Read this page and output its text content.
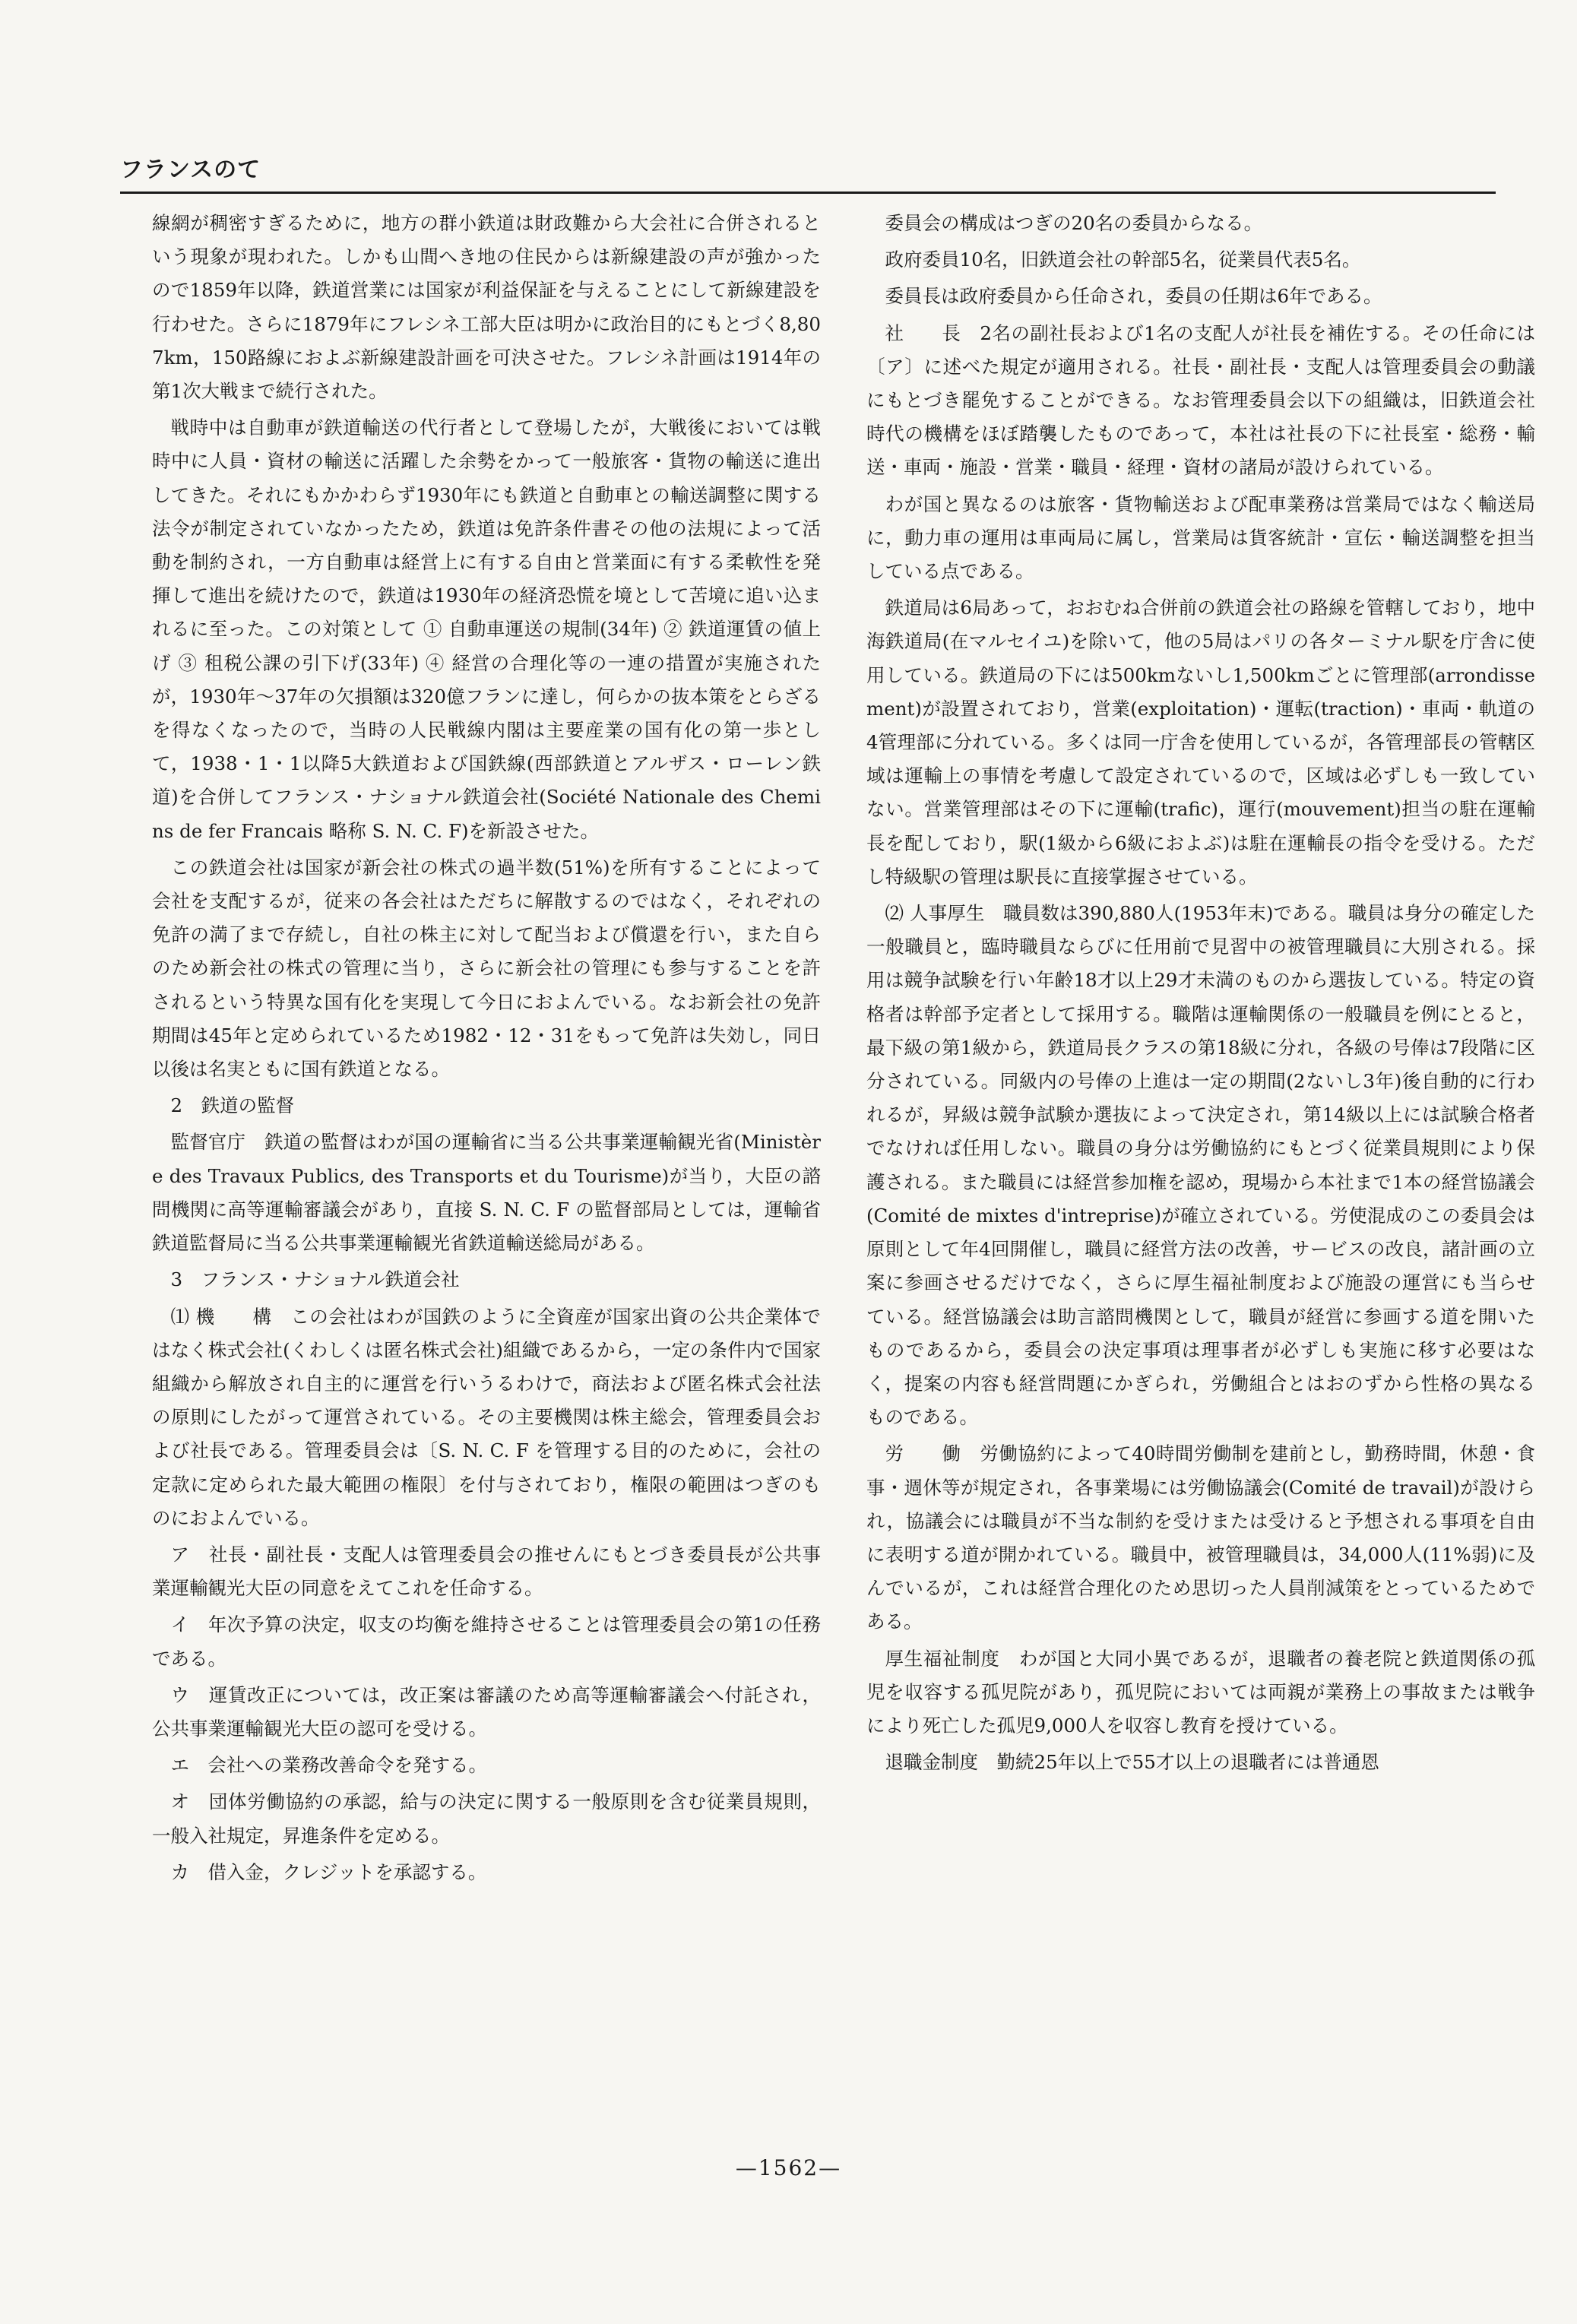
フランスのて

線網が稠密すぎるために，地方の群小鉄道は財政難から大会社に合併されるという現象が現われた。しかも山間へき地の住民からは新線建設の声が強かったので1859年以降，鉄道営業には国家が利益保証を与えることにして新線建設を行わせた。さらに1879年にフレシネ工部大臣は明かに政治目的にもとづく8,807km，150路線におよぶ新線建設計画を可決させた。フレシネ計画は1914年の第1次大戦まで続行された。

戦時中は自動車が鉄道輸送の代行者として登場したが，大戦後においては戦時中に人員・資材の輸送に活躍した余勢をかって一般旅客・貨物の輸送に進出してきた。それにもかかわらず1930年にも鉄道と自動車との輸送調整に関する法令が制定されていなかったため，鉄道は免許条件書その他の法規によって活動を制約され，一方自動車は経営上に有する自由と営業面に有する柔軟性を発揮して進出を続けたので，鉄道は1930年の経済恐慌を境として苦境に追い込まれるに至った。この対策として ① 自動車運送の規制(34年) ② 鉄道運賃の値上げ ③ 租税公課の引下げ(33年) ④ 経営の合理化等の一連の措置が実施されたが，1930年～37年の欠損額は320億フランに達し，何らかの抜本策をとらざるを得なくなったので，当時の人民戦線内閣は主要産業の国有化の第一歩として，1938・1・1以降5大鉄道および国鉄線(西部鉄道とアルザス・ローレン鉄道)を合併してフランス・ナショナル鉄道会社(Société Nationale des Chemins de fer Francais 略称 S. N. C. F)を新設させた。

この鉄道会社は国家が新会社の株式の過半数(51%)を所有することによって会社を支配するが，従来の各会社はただちに解散するのではなく，それぞれの免許の満了まで存続し，自社の株主に対して配当および償還を行い，また自らのため新会社の株式の管理に当り，さらに新会社の管理にも参与することを許されるという特異な国有化を実現して今日におよんでいる。なお新会社の免許期間は45年と定められているため1982・12・31をもって免許は失効し，同日以後は名実ともに国有鉄道となる。

2　鉄道の監督

監督官庁　鉄道の監督はわが国の運輸省に当る公共事業運輸観光省(Ministère des Travaux Publics, des Transports et du Tourisme)が当り，大臣の諮問機関に高等運輸審議会があり，直接 S. N. C. F の監督部局としては，運輸省鉄道監督局に当る公共事業運輸観光省鉄道輸送総局がある。

3　フランス・ナショナル鉄道会社

⑴ 機　　構　この会社はわが国鉄のように全資産が国家出資の公共企業体ではなく株式会社(くわしくは匿名株式会社)組織であるから，一定の条件内で国家組織から解放され自主的に運営を行いうるわけで，商法および匿名株式会社法の原則にしたがって運営されている。その主要機関は株主総会，管理委員会および社長である。管理委員会は〔S. N. C. F を管理する目的のために，会社の定款に定められた最大範囲の権限〕を付与されており，権限の範囲はつぎのものにおよんでいる。

ア　社長・副社長・支配人は管理委員会の推せんにもとづき委員長が公共事業運輸観光大臣の同意をえてこれを任命する。

イ　年次予算の決定，収支の均衡を維持させることは管理委員会の第1の任務である。

ウ　運賃改正については，改正案は審議のため高等運輸審議会へ付託され，公共事業運輸観光大臣の認可を受ける。

エ　会社への業務改善命令を発する。

オ　団体労働協約の承認，給与の決定に関する一般原則を含む従業員規則，一般入社規定，昇進条件を定める。

カ　借入金，クレジットを承認する。

委員会の構成はつぎの20名の委員からなる。

政府委員10名，旧鉄道会社の幹部5名，従業員代表5名。

委員長は政府委員から任命され，委員の任期は6年である。

社　　長　2名の副社長および1名の支配人が社長を補佐する。その任命には〔ア〕に述べた規定が適用される。社長・副社長・支配人は管理委員会の動議にもとづき罷免することができる。なお管理委員会以下の組織は，旧鉄道会社時代の機構をほぼ踏襲したものであって，本社は社長の下に社長室・総務・輸送・車両・施設・営業・職員・経理・資材の諸局が設けられている。

わが国と異なるのは旅客・貨物輸送および配車業務は営業局ではなく輸送局に，動力車の運用は車両局に属し，営業局は貨客統計・宣伝・輸送調整を担当している点である。

鉄道局は6局あって，おおむね合併前の鉄道会社の路線を管轄しており，地中海鉄道局(在マルセイユ)を除いて，他の5局はパリの各ターミナル駅を庁舎に使用している。鉄道局の下には500kmないし1,500kmごとに管理部(arrondissement)が設置されており，営業(exploitation)・運転(traction)・車両・軌道の4管理部に分れている。多くは同一庁舎を使用しているが，各管理部長の管轄区域は運輸上の事情を考慮して設定されているので，区域は必ずしも一致していない。営業管理部はその下に運輸(trafic)，運行(mouvement)担当の駐在運輸長を配しており，駅(1級から6級におよぶ)は駐在運輸長の指令を受ける。ただし特級駅の管理は駅長に直接掌握させている。

⑵ 人事厚生　職員数は390,880人(1953年末)である。職員は身分の確定した一般職員と，臨時職員ならびに任用前で見習中の被管理職員に大別される。採用は競争試験を行い年齢18才以上29才未満のものから選抜している。特定の資格者は幹部予定者として採用する。職階は運輸関係の一般職員を例にとると，最下級の第1級から，鉄道局長クラスの第18級に分れ，各級の号俸は7段階に区分されている。同級内の号俸の上進は一定の期間(2ないし3年)後自動的に行われるが，昇級は競争試験か選抜によって決定され，第14級以上には試験合格者でなければ任用しない。職員の身分は労働協約にもとづく従業員規則により保護される。また職員には経営参加権を認め，現場から本社まで1本の経営協議会(Comité de mixtes d'intreprise)が確立されている。労使混成のこの委員会は原則として年4回開催し，職員に経営方法の改善，サービスの改良，諸計画の立案に参画させるだけでなく，さらに厚生福祉制度および施設の運営にも当らせている。経営協議会は助言諮問機関として，職員が経営に参画する道を開いたものであるから，委員会の決定事項は理事者が必ずしも実施に移す必要はなく，提案の内容も経営問題にかぎられ，労働組合とはおのずから性格の異なるものである。

労　　働　労働協約によって40時間労働制を建前とし，勤務時間，休憩・食事・週休等が規定され，各事業場には労働協議会(Comité de travail)が設けられ，協議会には職員が不当な制約を受けまたは受けると予想される事項を自由に表明する道が開かれている。職員中，被管理職員は，34,000人(11%弱)に及んでいるが，これは経営合理化のため思切った人員削減策をとっているためである。

厚生福祉制度　わが国と大同小異であるが，退職者の養老院と鉄道関係の孤児を収容する孤児院があり，孤児院においては両親が業務上の事故または戦争により死亡した孤児9,000人を収容し教育を授けている。

退職金制度　勤続25年以上で55才以上の退職者には普通恩

—1562—
